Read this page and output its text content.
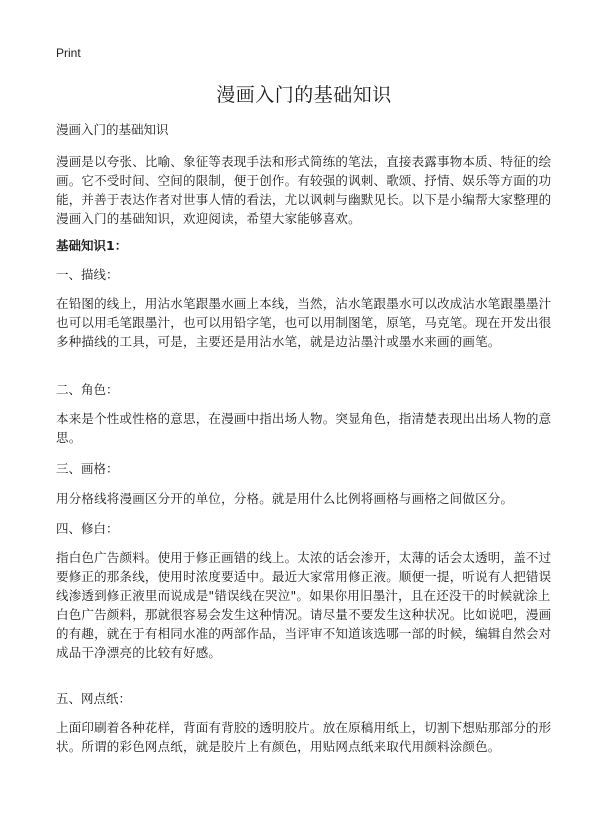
Print
漫画入门的基础知识

漫画入门的基础知识

漫画是以夸张、比喻、象征等表现手法和形式简练的笔法，直接表露事物本质、特征的绘画。它不受时间、空间的限制，便于创作。有较强的讽刺、歌颂、抒情、娱乐等方面的功能，并善于表达作者对世事人情的看法，尤以讽刺与幽默见长。以下是小编帮大家整理的漫画入门的基础知识，欢迎阅读，希望大家能够喜欢。

基础知识1：

一、描线：

在铅图的线上，用沾水笔跟墨水画上本线，当然，沾水笔跟墨水可以改成沾水笔跟墨墨汁也可以用毛笔跟墨汁，也可以用铅字笔，也可以用制图笔，原笔，马克笔。现在开发出很多种描线的工具，可是，主要还是用沾水笔，就是边沾墨汁或墨水来画的画笔。

二、角色：

本来是个性或性格的意思，在漫画中指出场人物。突显角色，指清楚表现出出场人物的意思。

三、画格：

用分格线将漫画区分开的单位，分格。就是用什么比例将画格与画格之间做区分。

四、修白：

指白色广告颜料。使用于修正画错的线上。太浓的话会渗开，太薄的话会太透明，盖不过要修正的那条线，使用时浓度要适中。最近大家常用修正液。顺便一提，听说有人把错误线渗透到修正液里而说成是"错误线在哭泣"。如果你用旧墨汁，且在还没干的时候就涂上白色广告颜料，那就很容易会发生这种情况。请尽量不要发生这种状况。比如说吧，漫画的有趣，就在于有相同水准的两部作品，当评审不知道该选哪一部的时候，编辑自然会对成品干净漂亮的比较有好感。

五、网点纸：

上面印刷着各种花样，背面有背胶的透明胶片。放在原稿用纸上，切割下想贴那部分的形状。所谓的彩色网点纸，就是胶片上有颜色，用贴网点纸来取代用颜料涂颜色。
